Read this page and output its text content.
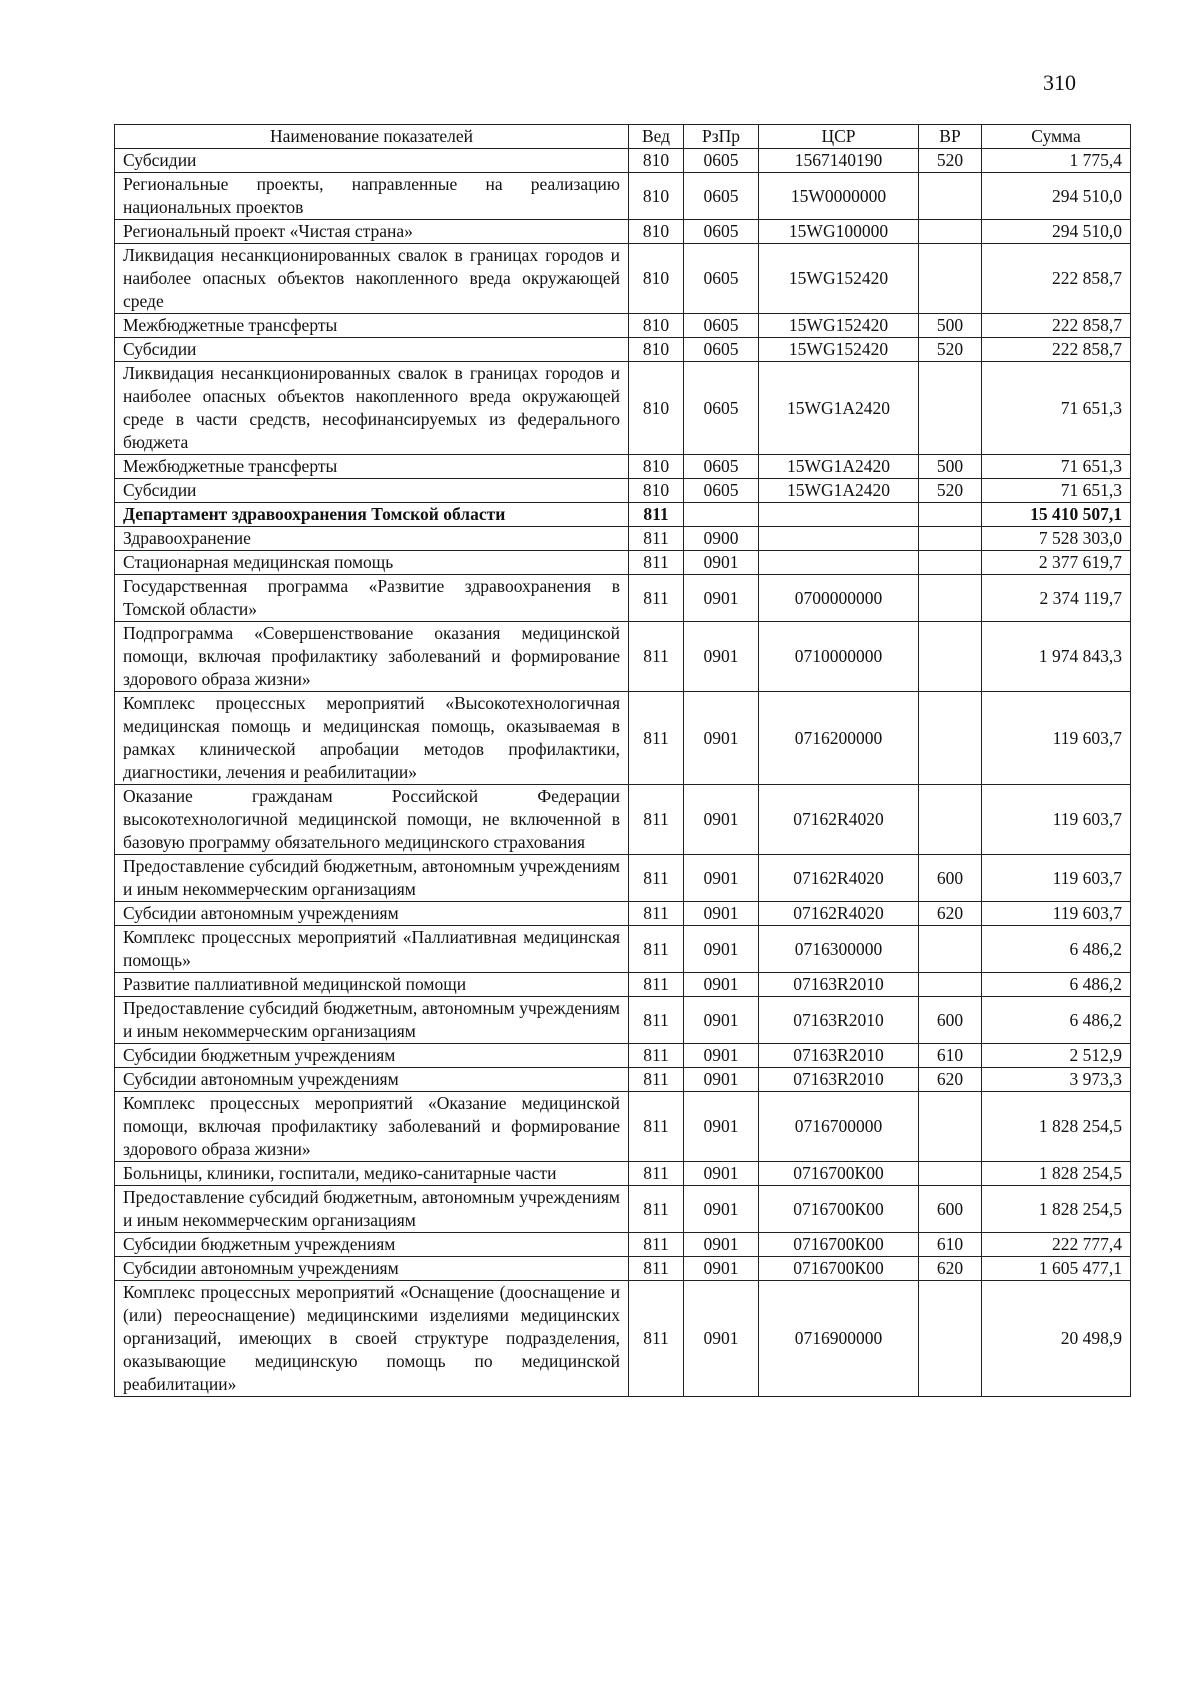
310
Наименование показателей	Вед	РзПр	ЦСР	ВР	Сумма
Субсидии	810	0605	1567140190	520	1 775,4
Региональные проекты, направленные на реализацию национальных проектов	810	0605	15W0000000		294 510,0
Региональный проект «Чистая страна»	810	0605	15WG100000		294 510,0
Ликвидация несанкционированных свалок в границах городов и наиболее опасных объектов накопленного вреда окружающей среде	810	0605	15WG152420		222 858,7
Межбюджетные трансферты	810	0605	15WG152420	500	222 858,7
Субсидии	810	0605	15WG152420	520	222 858,7
Ликвидация несанкционированных свалок в границах городов и наиболее опасных объектов накопленного вреда окружающей среде в части средств, несофинансируемых из федерального бюджета	810	0605	15WG1A2420		71 651,3
Межбюджетные трансферты	810	0605	15WG1A2420	500	71 651,3
Субсидии	810	0605	15WG1A2420	520	71 651,3
Департамент здравоохранения Томской области	811				15 410 507,1
Здравоохранение	811	0900			7 528 303,0
Стационарная медицинская помощь	811	0901			2 377 619,7
Государственная программа «Развитие здравоохранения в Томской области»	811	0901	0700000000		2 374 119,7
Подпрограмма «Совершенствование оказания медицинской помощи, включая профилактику заболеваний и формирование здорового образа жизни»	811	0901	0710000000		1 974 843,3
Комплекс процессных мероприятий «Высокотехнологичная медицинская помощь и медицинская помощь, оказываемая в рамках клинической апробации методов профилактики, диагностики, лечения и реабилитации»	811	0901	0716200000		119 603,7
Оказание гражданам Российской Федерации высокотехнологичной медицинской помощи, не включенной в базовую программу обязательного медицинского страхования	811	0901	07162R4020		119 603,7
Предоставление субсидий бюджетным, автономным учреждениям и иным некоммерческим организациям	811	0901	07162R4020	600	119 603,7
Субсидии автономным учреждениям	811	0901	07162R4020	620	119 603,7
Комплекс процессных мероприятий «Паллиативная медицинская помощь»	811	0901	0716300000		6 486,2
Развитие паллиативной медицинской помощи	811	0901	07163R2010		6 486,2
Предоставление субсидий бюджетным, автономным учреждениям и иным некоммерческим организациям	811	0901	07163R2010	600	6 486,2
Субсидии бюджетным учреждениям	811	0901	07163R2010	610	2 512,9
Субсидии автономным учреждениям	811	0901	07163R2010	620	3 973,3
Комплекс процессных мероприятий «Оказание медицинской помощи, включая профилактику заболеваний и формирование здорового образа жизни»	811	0901	0716700000		1 828 254,5
Больницы, клиники, госпитали, медико-санитарные части	811	0901	0716700К00		1 828 254,5
Предоставление субсидий бюджетным, автономным учреждениям и иным некоммерческим организациям	811	0901	0716700К00	600	1 828 254,5
Субсидии бюджетным учреждениям	811	0901	0716700К00	610	222 777,4
Субсидии автономным учреждениям	811	0901	0716700К00	620	1 605 477,1
Комплекс процессных мероприятий «Оснащение (дооснащение и (или) переоснащение) медицинскими изделиями медицинских организаций, имеющих в своей структуре подразделения, оказывающие медицинскую помощь по медицинской реабилитации»	811	0901	0716900000		20 498,9
